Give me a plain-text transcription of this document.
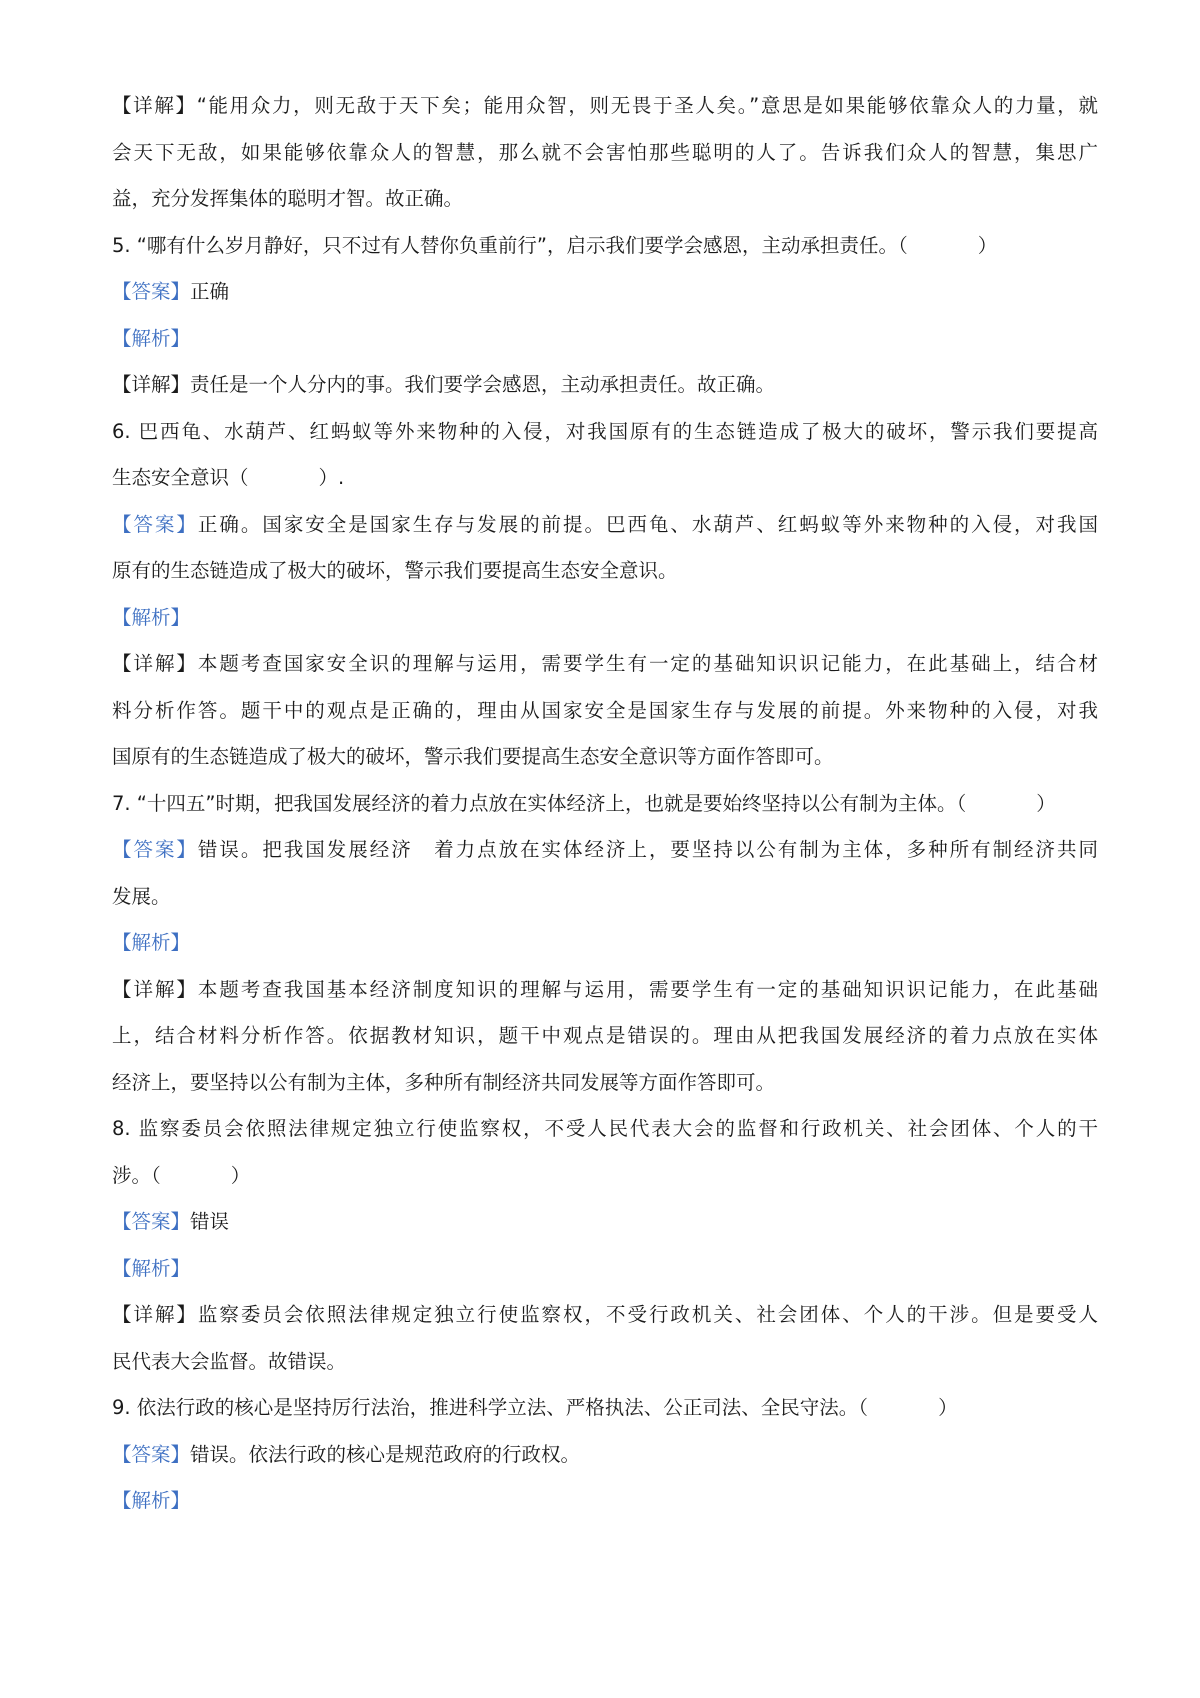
【详解】“能用众力，则无敌于天下矣；能用众智，则无畏于圣人矣。”意思是如果能够依靠众人的力量，就
会天下无敌，如果能够依靠众人的智慧，那么就不会害怕那些聪明的人了。告诉我们众人的智慧，集思广
益，充分发挥集体的聪明才智。故正确。
5. “哪有什么岁月静好，只不过有人替你负重前行”，启示我们要学会感恩，主动承担责任。（	）
【答案】正确
【解析】
【详解】责任是一个人分内的事。我们要学会感恩，主动承担责任。故正确。
6. 巴西龟、水葫芦、红蚂蚁等外来物种的入侵，对我国原有的生态链造成了极大的破坏，警示我们要提高
生态安全意识（	）.
【答案】正确。国家安全是国家生存与发展的前提。巴西龟、水葫芦、红蚂蚁等外来物种的入侵，对我国
原有的生态链造成了极大的破坏，警示我们要提高生态安全意识。
【解析】
【详解】本题考查国家安全识的理解与运用，需要学生有一定的基础知识识记能力，在此基础上，结合材
料分析作答。题干中的观点是正确的，理由从国家安全是国家生存与发展的前提。外来物种的入侵，对我
国原有的生态链造成了极大的破坏，警示我们要提高生态安全意识等方面作答即可。
7. “十四五”时期，把我国发展经济的着力点放在实体经济上，也就是要始终坚持以公有制为主体。（	）
【答案】错误。把我国发展经济　着力点放在实体经济上，要坚持以公有制为主体，多种所有制经济共同
发展。
【解析】
【详解】本题考查我国基本经济制度知识的理解与运用，需要学生有一定的基础知识识记能力，在此基础
上，结合材料分析作答。依据教材知识，题干中观点是错误的。理由从把我国发展经济的着力点放在实体
经济上，要坚持以公有制为主体，多种所有制经济共同发展等方面作答即可。
8. 监察委员会依照法律规定独立行使监察权，不受人民代表大会的监督和行政机关、社会团体、个人的干
涉。（	）
【答案】错误
【解析】
【详解】监察委员会依照法律规定独立行使监察权，不受行政机关、社会团体、个人的干涉。但是要受人
民代表大会监督。故错误。
9. 依法行政的核心是坚持厉行法治，推进科学立法、严格执法、公正司法、全民守法。（	）
【答案】错误。依法行政的核心是规范政府的行政权。
【解析】
